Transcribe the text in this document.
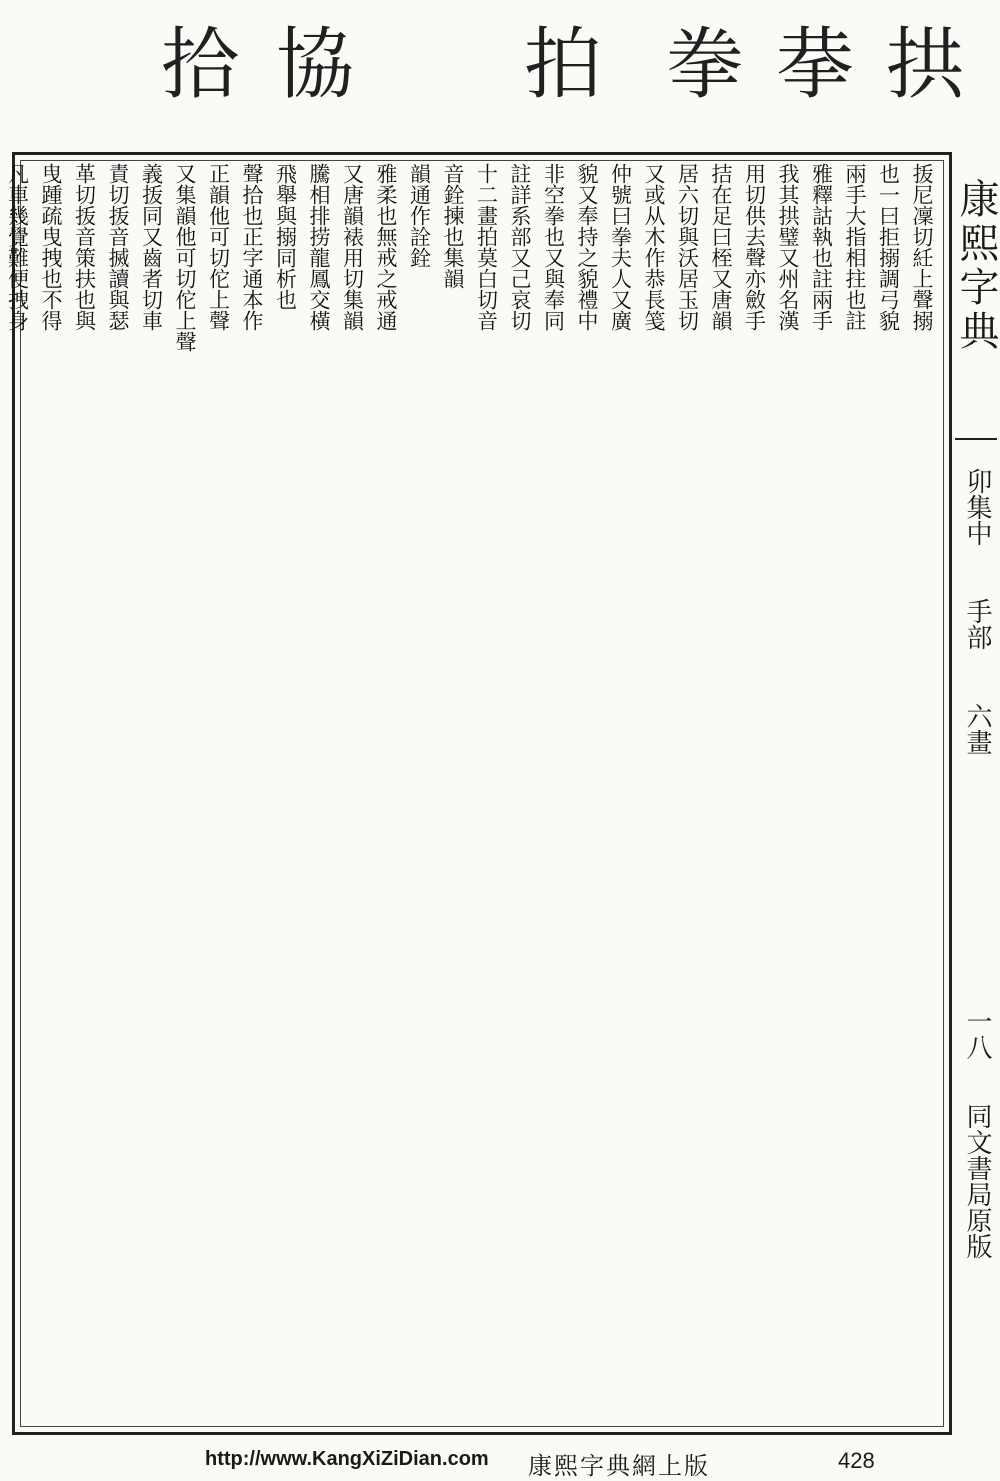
拾 協 拍 拳 拲 拱
㧞尼凜切紝上聲搦
也一曰拒搦調弓貌
兩手大指相拄也註
雅釋詁執也註兩手
我其拱璧又州名漢
用切供去聲亦斂手
拮在足曰桎又唐韻
居六切與沃居玉切
又或从木作恭長笺
仲號曰拳夫人又廣
貌又奉持之貌禮中
非空拳也又與奉同
註詳系部又己哀切
十二畫拍莫白切音
音銓揀也集韻
韻通作詮銓
雅柔也無戒之戒通
又唐韻裱用切集韻
騰相排捞龍鳳交橫
飛舉與搦同析也
聲拾也正字通本作
正韻他可切佗上聲
又集韻他可切佗上聲
義㧞同又齒者切車
責切㧞音搣讀與瑟
革切㧞音策扶也與
曳踵疏曳拽也不得
凡車幾覺難便拽身	康熙字典
卯集中
手部
六畫
一八
同文書局原版
http://www.KangXiZiDian.com 康熙字典網上版	428
